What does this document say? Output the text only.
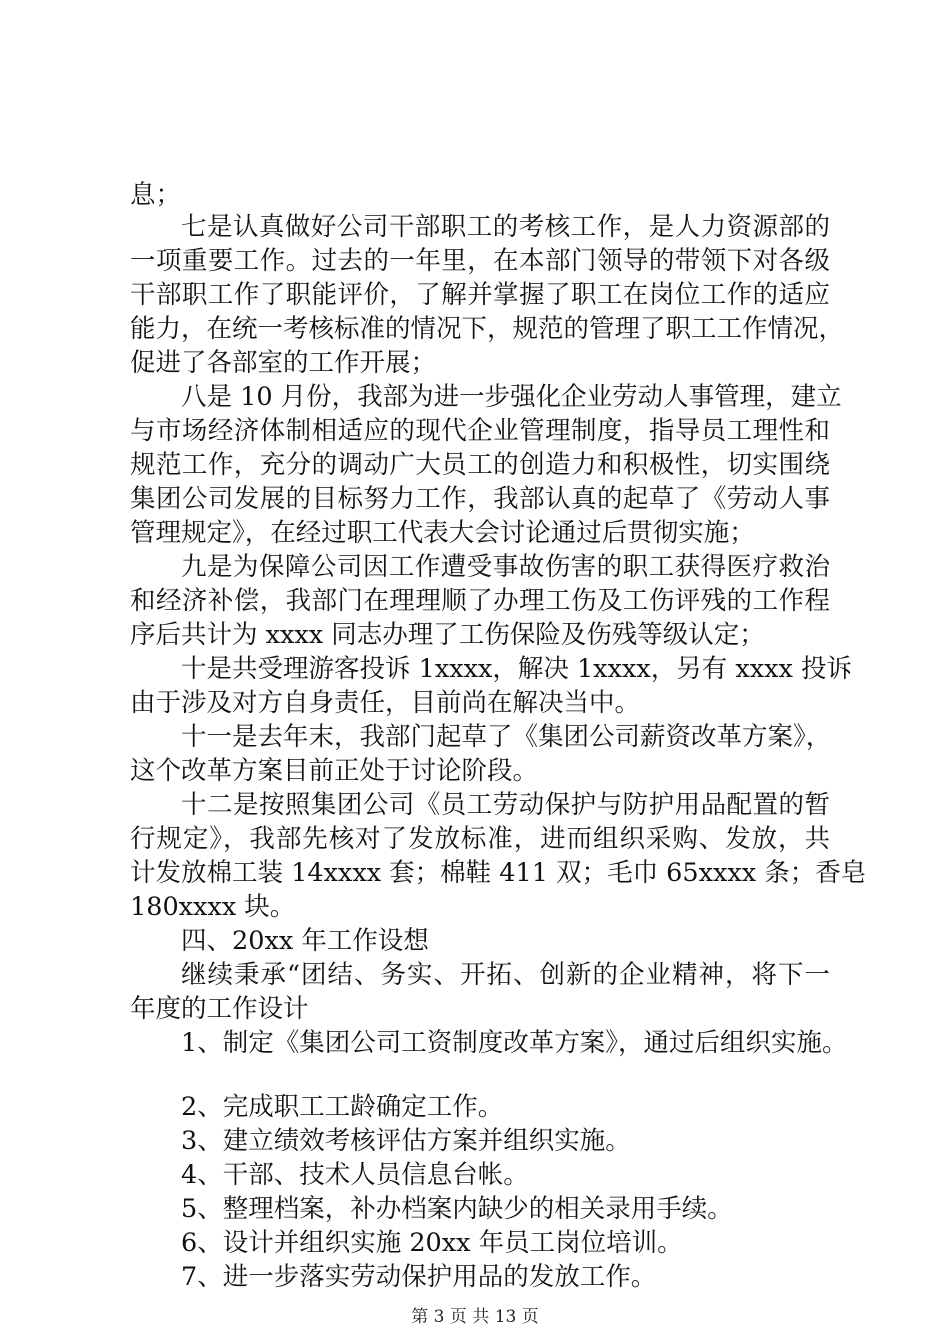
息；
七是认真做好公司干部职工的考核工作，是人力资源部的
一项重要工作。过去的一年里，在本部门领导的带领下对各级
干部职工作了职能评价，了解并掌握了职工在岗位工作的适应
能力，在统一考核标准的情况下，规范的管理了职工工作情况，
促进了各部室的工作开展；
八是 10 月份，我部为进一步强化企业劳动人事管理，建立
与市场经济体制相适应的现代企业管理制度，指导员工理性和
规范工作，充分的调动广大员工的创造力和积极性，切实围绕
集团公司发展的目标努力工作，我部认真的起草了《劳动人事
管理规定》，在经过职工代表大会讨论通过后贯彻实施；
九是为保障公司因工作遭受事故伤害的职工获得医疗救治
和经济补偿，我部门在理理顺了办理工伤及工伤评残的工作程
序后共计为 xxxx 同志办理了工伤保险及伤残等级认定；
十是共受理游客投诉 1xxxx，解决 1xxxx，另有 xxxx 投诉
由于涉及对方自身责任，目前尚在解决当中。
十一是去年末，我部门起草了《集团公司薪资改革方案》，
这个改革方案目前正处于讨论阶段。
十二是按照集团公司《员工劳动保护与防护用品配置的暂
行规定》，我部先核对了发放标准，进而组织采购、发放，共
计发放棉工装 14xxxx 套；棉鞋 411 双；毛巾 65xxxx 条；香皂
180xxxx 块。
四、20xx 年工作设想
继续秉承“团结、务实、开拓、创新的企业精神，将下一
年度的工作设计
1、制定《集团公司工资制度改革方案》，通过后组织实施。
2、完成职工工龄确定工作。
3、建立绩效考核评估方案并组织实施。
4、干部、技术人员信息台帐。
5、整理档案，补办档案内缺少的相关录用手续。
6、设计并组织实施 20xx 年员工岗位培训。
7、进一步落实劳动保护用品的发放工作。
第 3 页 共 13 页
